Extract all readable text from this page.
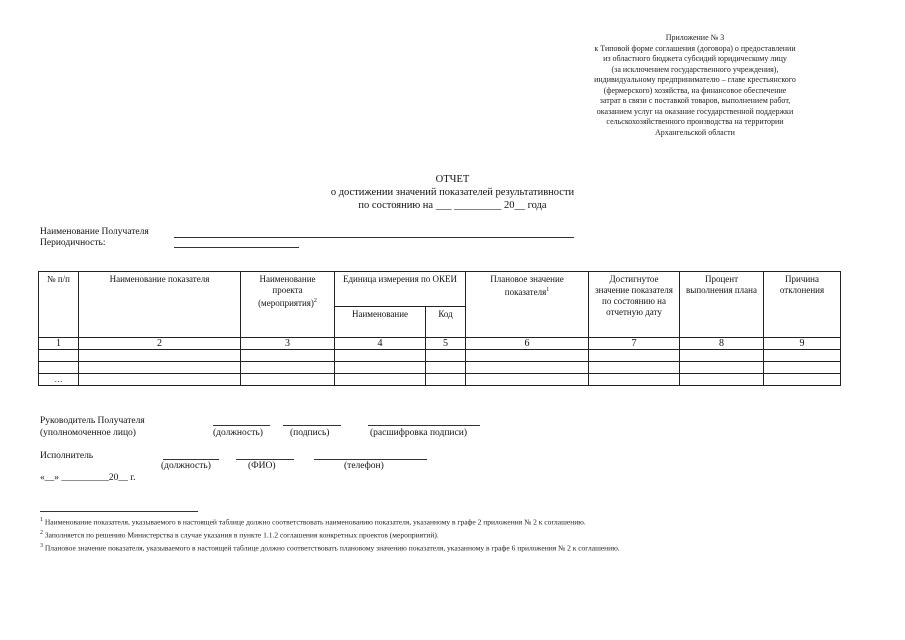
Приложение № 3
к Типовой форме соглашения (договора) о предоставлении
из областного бюджета субсидий юридическому лицу
(за исключением государственного учреждения),
индивидуальному предпринимателю – главе крестьянского
(фермерского) хозяйства, на финансовое обеспечение
затрат в связи с поставкой товаров, выполнением работ,
оказанием услуг на оказание государственной поддержки
сельскохозяйственного производства на территории
Архангельской области
ОТЧЕТ
о достижении значений показателей результативности
по состоянию на ___ _________ 20__ года
Наименование Получателя
Периодичность:
№ п/п	Наименование показателя	Наименование проекта (мероприятия)$^2$	Единица измерения по ОКЕИ		Плановое значение показателя$^1$	Достигнутое значение показателя по состоянию на отчетную дату	Процент выполнения плана	Причина отклонения
			Наименование	Код				
1	2	3	4	5	6	7	8	9

…								
Руководитель Получателя
(уполномоченное лицо)	(должность)	(подпись)	(расшифровка подписи)
Исполнитель
(должность)	(ФИО)	(телефон)
«__» __________20__ г.
$^1$ Наименование показателя, указываемого в настоящей таблице должно соответствовать наименованию показателя, указанному в графе 2 приложения № 2 к соглашению.
$^2$ Заполняется по решению Министерства в случае указания в пункте 1.1.2 соглашения конкретных проектов (мероприятий).
$^3$ Плановое значение показателя, указываемого в настоящей таблице должно соответствовать плановому значению показателя, указанному в графе 6 приложения № 2 к соглашению.
